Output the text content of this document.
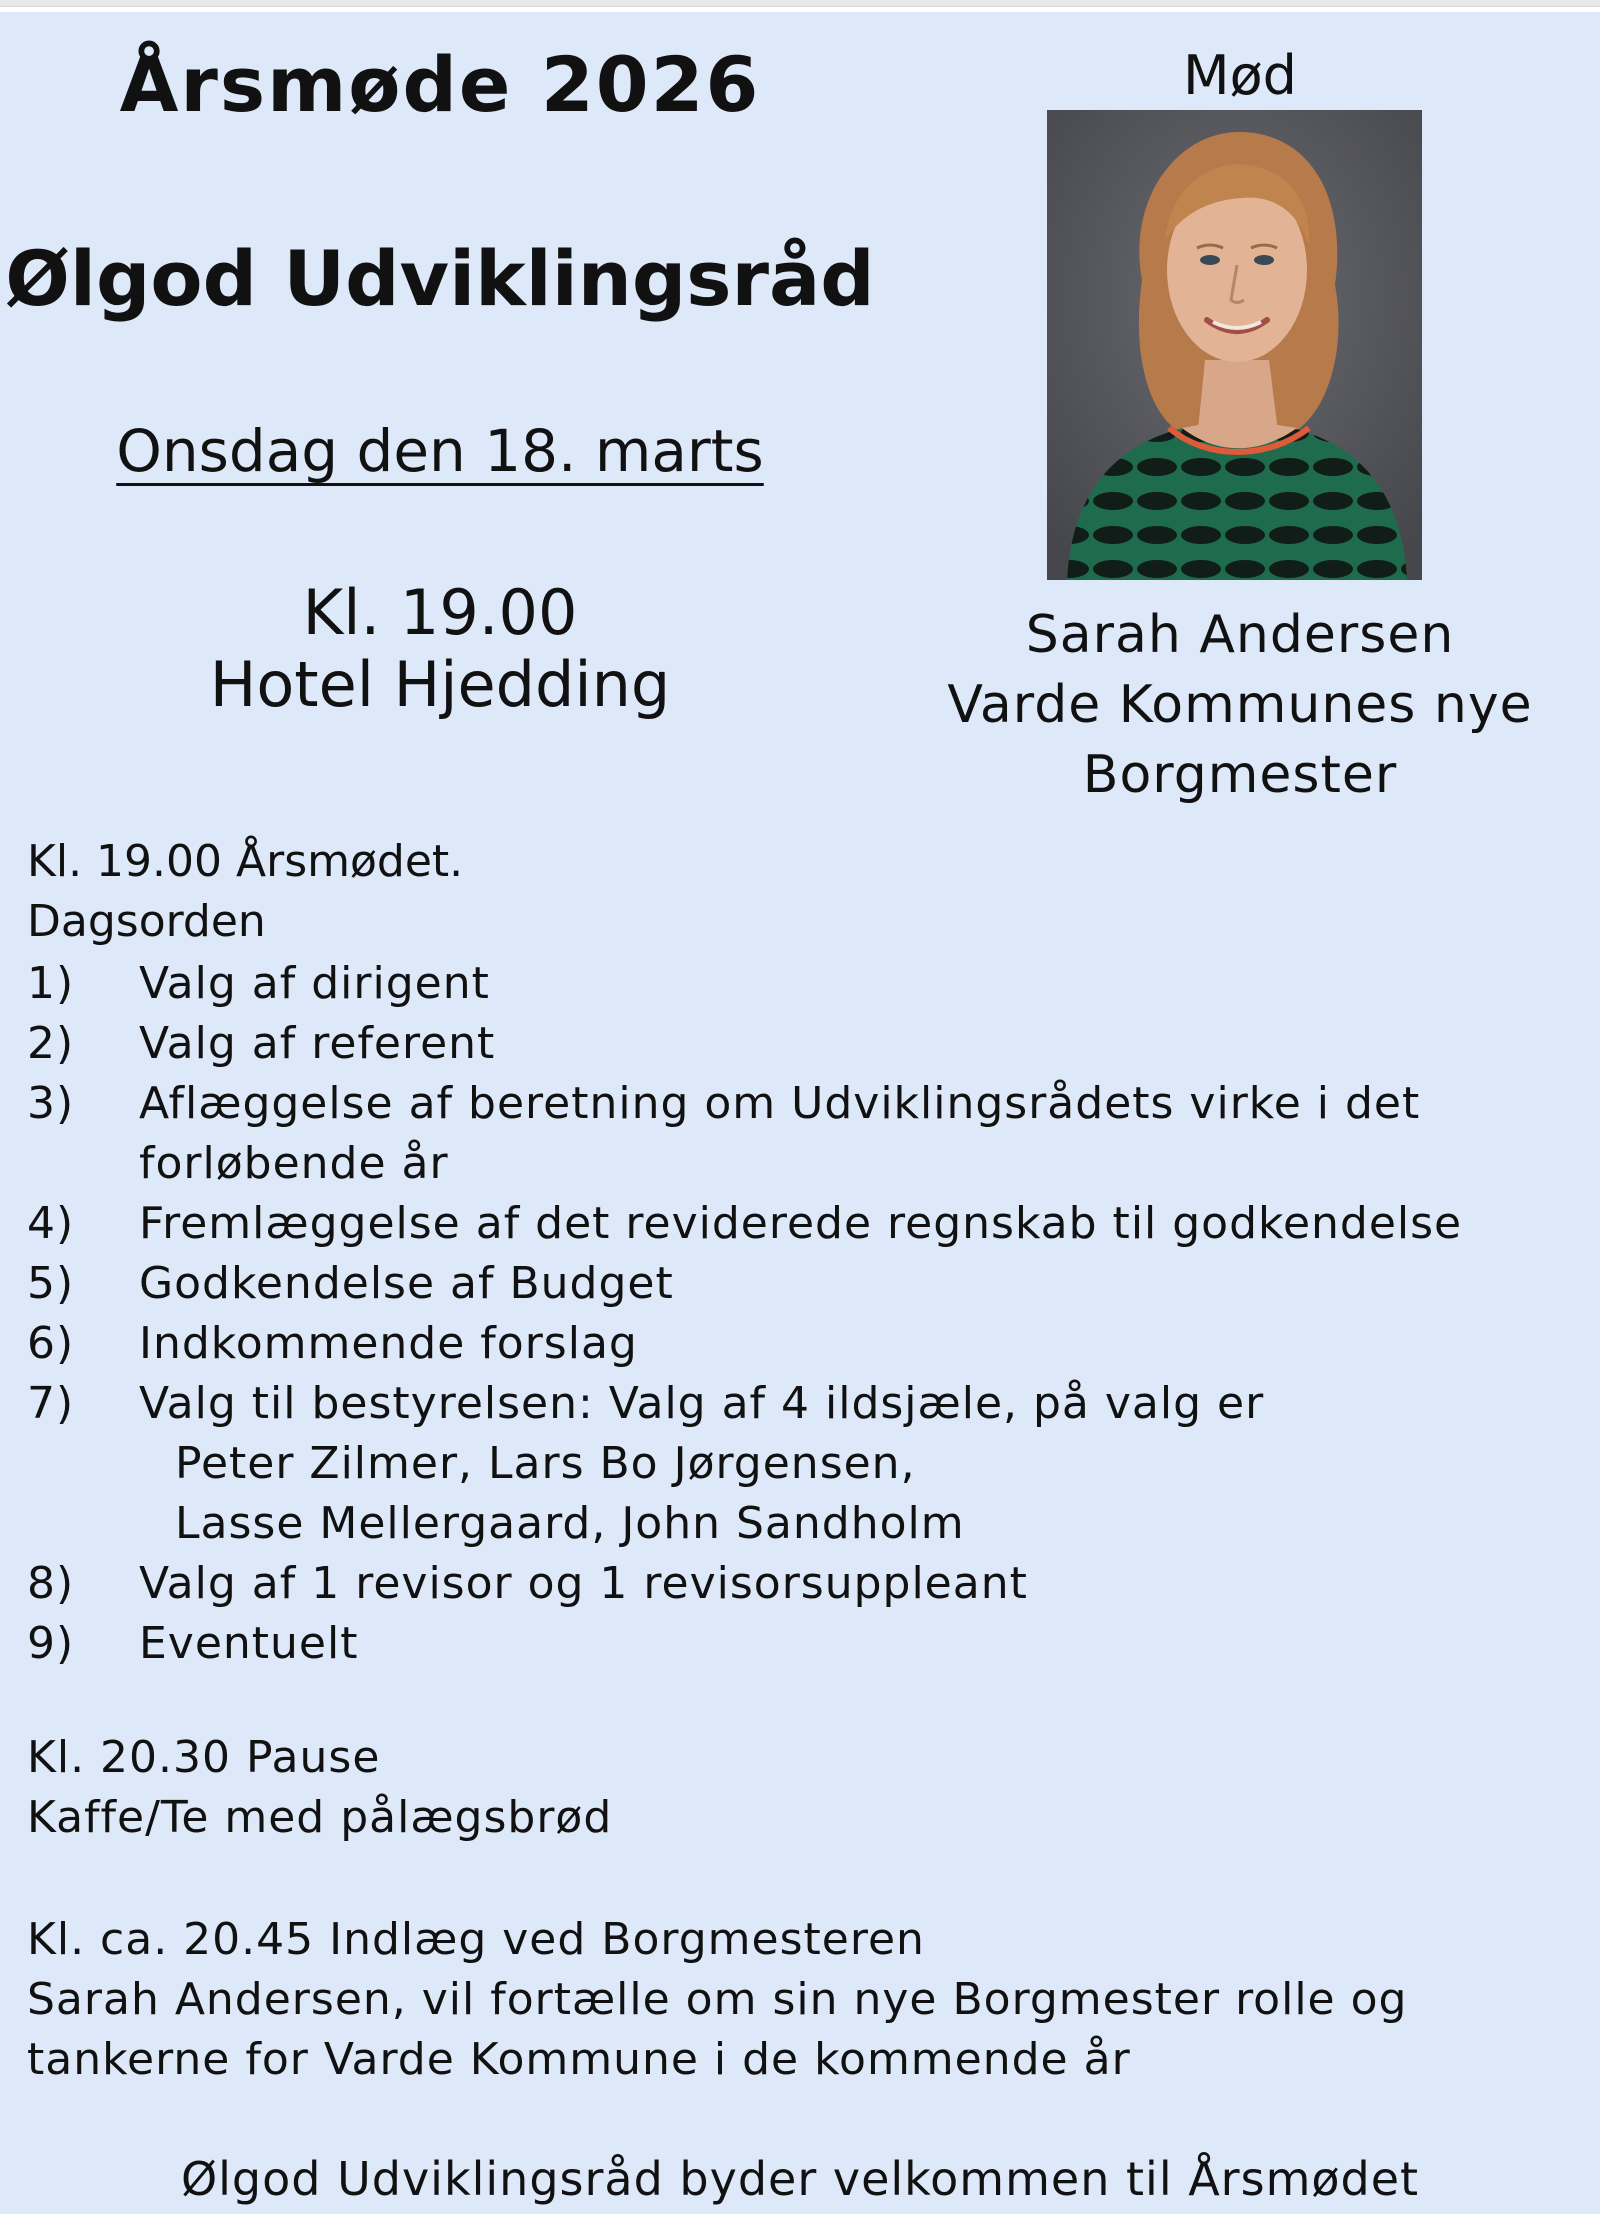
Årsmøde 2026
Ølgod Udviklingsråd
Onsdag den 18. marts
Kl. 19.00
Hotel Hjedding
Mød
Sarah Andersen
Varde Kommunes nye
Borgmester
Kl. 19.00 Årsmødet.
Dagsorden
1) Valg af dirigent
2) Valg af referent
3) Aflæggelse af beretning om Udviklingsrådets virke i det
forløbende år
4) Fremlæggelse af det reviderede regnskab til godkendelse
5) Godkendelse af Budget
6) Indkommende forslag
7) Valg til bestyrelsen: Valg af 4 ildsjæle, på valg er
Peter Zilmer, Lars Bo Jørgensen,
Lasse Mellergaard, John Sandholm
8) Valg af 1 revisor og 1 revisorsuppleant
9) Eventuelt
Kl. 20.30 Pause
Kaffe/Te med pålægsbrød
Kl. ca. 20.45 Indlæg ved Borgmesteren
Sarah Andersen, vil fortælle om sin nye Borgmester rolle og
tankerne for Varde Kommune i de kommende år
Ølgod Udviklingsråd byder velkommen til Årsmødet
